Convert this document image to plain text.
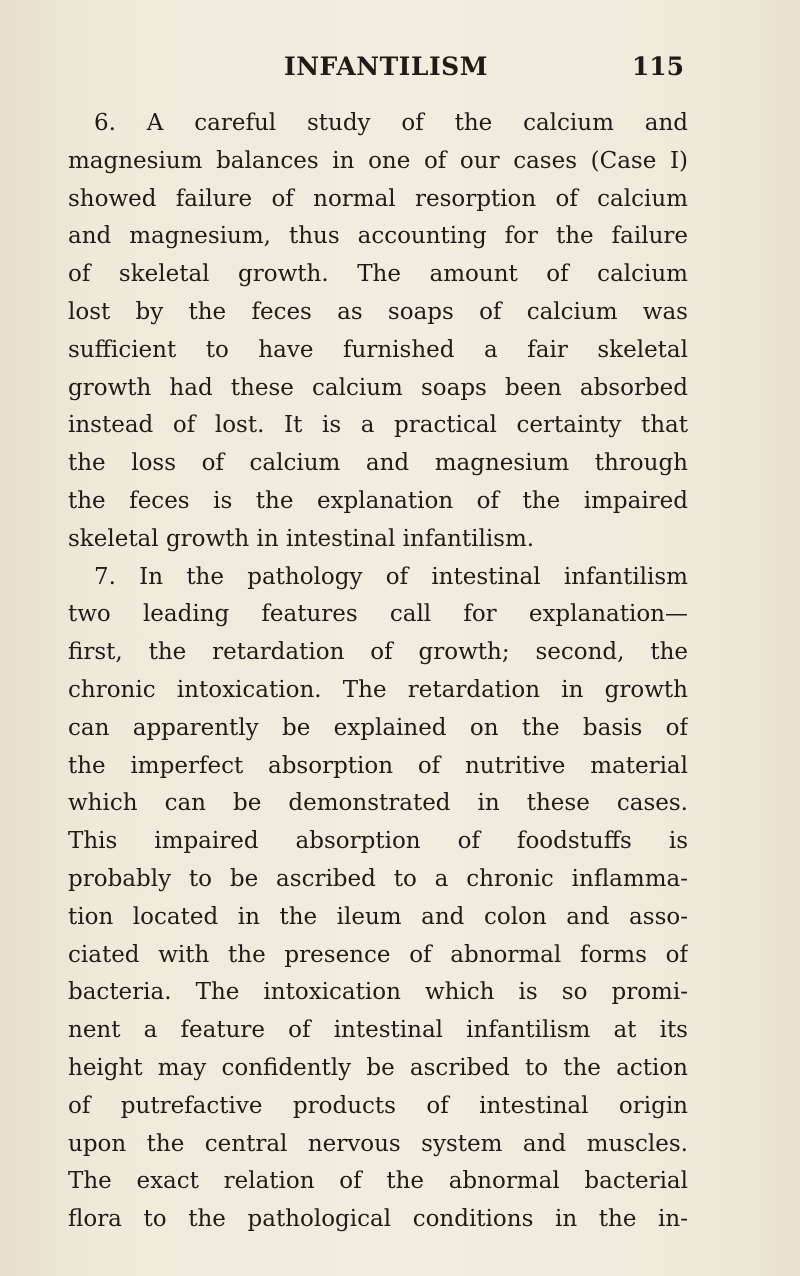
INFANTILISM	115
6. A careful study of the calcium and
magnesium balances in one of our cases (Case I)
showed failure of normal resorption of calcium
and magnesium, thus accounting for the failure
of skeletal growth. The amount of calcium
lost by the feces as soaps of calcium was
sufficient to have furnished a fair skeletal
growth had these calcium soaps been absorbed
instead of lost. It is a practical certainty that
the loss of calcium and magnesium through
the feces is the explanation of the impaired
skeletal growth in intestinal infantilism.
7. In the pathology of intestinal infantilism
two leading features call for explanation—
first, the retardation of growth; second, the
chronic intoxication. The retardation in growth
can apparently be explained on the basis of
the imperfect absorption of nutritive material
which can be demonstrated in these cases.
This impaired absorption of foodstuffs is
probably to be ascribed to a chronic inflamma-
tion located in the ileum and colon and asso-
ciated with the presence of abnormal forms of
bacteria. The intoxication which is so promi-
nent a feature of intestinal infantilism at its
height may confidently be ascribed to the action
of putrefactive products of intestinal origin
upon the central nervous system and muscles.
The exact relation of the abnormal bacterial
flora to the pathological conditions in the in-
